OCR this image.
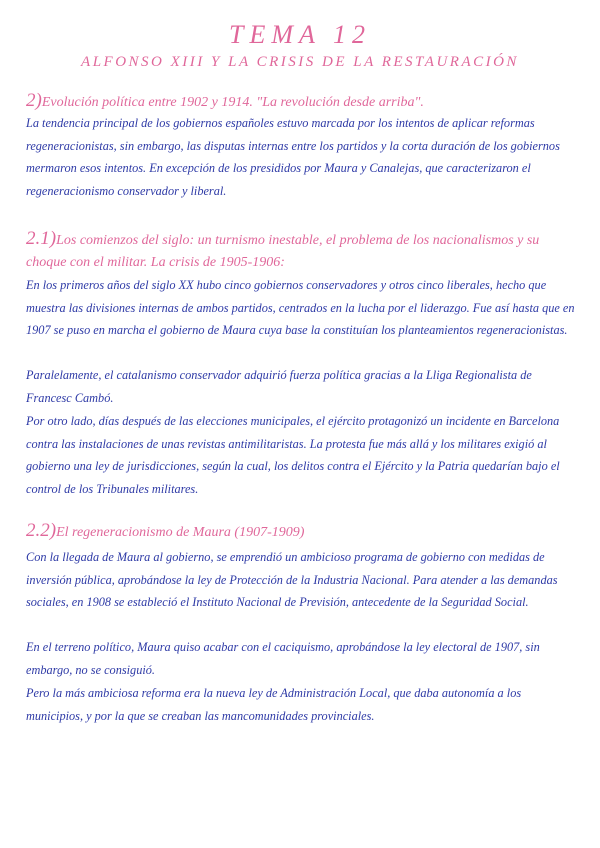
TEMA 12
ALFONSO XIII Y LA CRISIS DE LA RESTAURACIÓN
2)Evolución política entre 1902 y 1914. "La revolución desde arriba".
La tendencia principal de los gobiernos españoles estuvo marcada por los intentos de aplicar reformas regeneracionistas, sin embargo, las disputas internas entre los partidos y la corta duración de los gobiernos mermaron esos intentos. En excepción de los presididos por Maura y Canalejas, que caracterizaron el regeneracionismo conservador y liberal.
2.1)Los comienzos del siglo: un turnismo inestable, el problema de los nacionalismos y su choque con el militar. La crisis de 1905-1906:
En los primeros años del siglo XX hubo cinco gobiernos conservadores y otros cinco liberales, hecho que muestra las divisiones internas de ambos partidos, centrados en la lucha por el liderazgo. Fue así hasta que en 1907 se puso en marcha el gobierno de Maura cuya base la constituían los planteamientos regeneracionistas.
Paralelamente, el catalanismo conservador adquirió fuerza política gracias a la Lliga Regionalista de Francesc Cambó.
Por otro lado, días después de las elecciones municipales, el ejército protagonizó un incidente en Barcelona contra las instalaciones de unas revistas antimilitaristas. La protesta fue más allá y los militares exigió al gobierno una ley de jurisdicciones, según la cual, los delitos contra el Ejército y la Patria quedarían bajo el control de los Tribunales militares.
2.2)El regeneracionismo de Maura (1907-1909)
Con la llegada de Maura al gobierno, se emprendió un ambicioso programa de gobierno con medidas de inversión pública, aprobándose la ley de Protección de la Industria Nacional. Para atender a las demandas sociales, en 1908 se estableció el Instituto Nacional de Previsión, antecedente de la Seguridad Social.
En el terreno político, Maura quiso acabar con el caciquismo, aprobándose la ley electoral de 1907, sin embargo, no se consiguió.
Pero la más ambiciosa reforma era la nueva ley de Administración Local, que daba autonomía a los municipios, y por la que se creaban las mancomunidades provinciales.
